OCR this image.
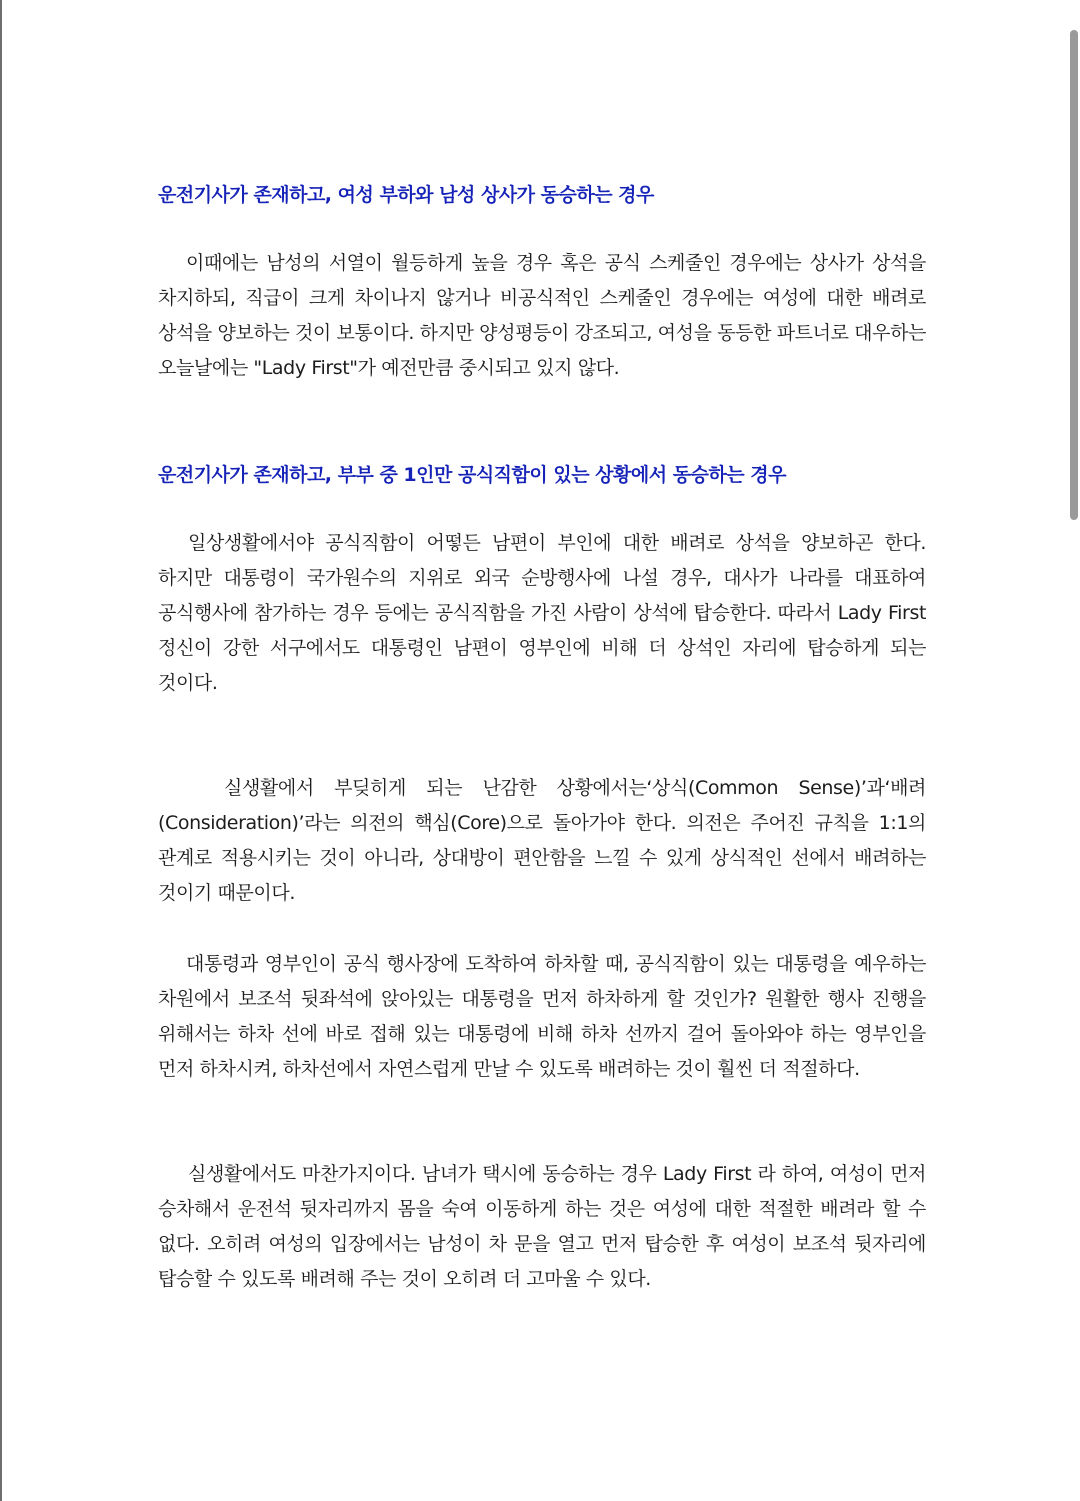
운전기사가 존재하고, 여성 부하와 남성 상사가 동승하는 경우

이때에는 남성의 서열이 월등하게 높을 경우 혹은 공식 스케줄인 경우에는 상사가 상석을 차지하되, 직급이 크게 차이나지 않거나 비공식적인 스케줄인 경우에는 여성에 대한 배려로 상석을 양보하는 것이 보통이다. 하지만 양성평등이 강조되고, 여성을 동등한 파트너로 대우하는 오늘날에는 "Lady First"가 예전만큼 중시되고 있지 않다.

운전기사가 존재하고, 부부 중 1인만 공식직함이 있는 상황에서 동승하는 경우

일상생활에서야 공식직함이 어떻든 남편이 부인에 대한 배려로 상석을 양보하곤 한다. 하지만 대통령이 국가원수의 지위로 외국 순방행사에 나설 경우, 대사가 나라를 대표하여 공식행사에 참가하는 경우 등에는 공식직함을 가진 사람이 상석에 탑승한다. 따라서 Lady First 정신이 강한 서구에서도 대통령인 남편이 영부인에 비해 더 상석인 자리에 탑승하게 되는 것이다.

실생활에서 부딪히게 되는 난감한 상황에서는‘상식(Common Sense)’과‘배려(Consideration)’라는 의전의 핵심(Core)으로 돌아가야 한다. 의전은 주어진 규칙을 1:1의 관계로 적용시키는 것이 아니라, 상대방이 편안함을 느낄 수 있게 상식적인 선에서 배려하는 것이기 때문이다.

대통령과 영부인이 공식 행사장에 도착하여 하차할 때, 공식직함이 있는 대통령을 예우하는 차원에서 보조석 뒷좌석에 앉아있는 대통령을 먼저 하차하게 할 것인가? 원활한 행사 진행을 위해서는 하차 선에 바로 접해 있는 대통령에 비해 하차 선까지 걸어 돌아와야 하는 영부인을 먼저 하차시켜, 하차선에서 자연스럽게 만날 수 있도록 배려하는 것이 훨씬 더 적절하다.

실생활에서도 마찬가지이다. 남녀가 택시에 동승하는 경우 Lady First 라 하여, 여성이 먼저 승차해서 운전석 뒷자리까지 몸을 숙여 이동하게 하는 것은 여성에 대한 적절한 배려라 할 수 없다. 오히려 여성의 입장에서는 남성이 차 문을 열고 먼저 탑승한 후 여성이 보조석 뒷자리에 탑승할 수 있도록 배려해 주는 것이 오히려 더 고마울 수 있다.
